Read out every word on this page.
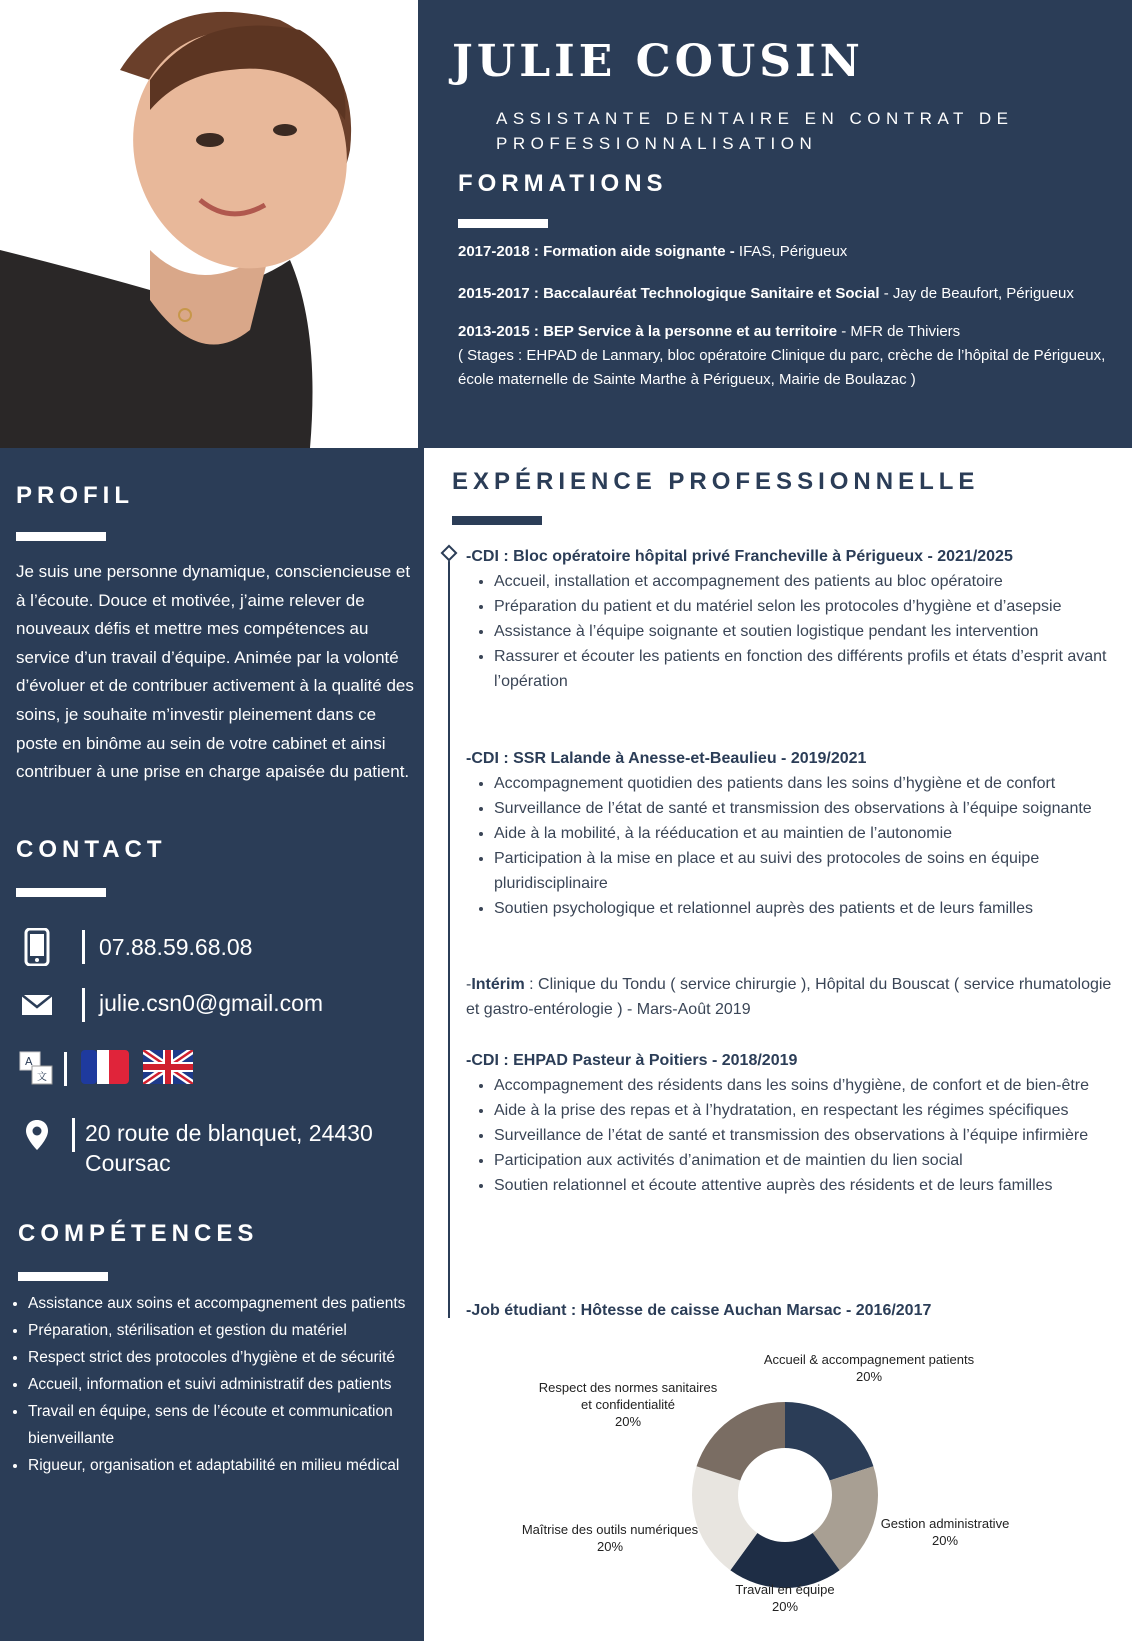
JULIE COUSIN

ASSISTANTE DENTAIRE EN CONTRAT DE PROFESSIONNALISATION

FORMATIONS
2017-2018 : Formation aide soignante - IFAS, Périgueux
2015-2017 : Baccalauréat Technologique Sanitaire et Social - Jay de Beaufort, Périgueux
2013-2015 : BEP Service à la personne et au territoire - MFR de Thiviers
( Stages : EHPAD de Lanmary, bloc opératoire Clinique du parc, crèche de l’hôpital de Périgueux, école maternelle de Sainte Marthe à Périgueux, Mairie de Boulazac )
PROFIL

Je suis une personne dynamique, consciencieuse et à l’écoute. Douce et motivée, j’aime relever de nouveaux défis et mettre mes compétences au service d’un travail d’équipe. Animée par la volonté d’évoluer et de contribuer activement à la qualité des soins, je souhaite m’investir pleinement dans ce poste en binôme au sein de votre cabinet et ainsi contribuer à une prise en charge apaisée du patient.

CONTACT
07.88.59.68.08
julie.csn0@gmail.com
A
文
20 route de blanquet, 24430
Coursac
COMPÉTENCES
• Assistance aux soins et accompagnement des patients
• Préparation, stérilisation et gestion du matériel
• Respect strict des protocoles d’hygiène et de sécurité
• Accueil, information et suivi administratif des patients
• Travail en équipe, sens de l’écoute et communication bienveillante
• Rigueur, organisation et adaptabilité en milieu médical
EXPÉRIENCE PROFESSIONNELLE
-CDI : Bloc opératoire hôpital privé Francheville à Périgueux - 2021/2025
• Accueil, installation et accompagnement des patients au bloc opératoire
• Préparation du patient et du matériel selon les protocoles d’hygiène et d’asepsie
• Assistance à l’équipe soignante et soutien logistique pendant les intervention
• Rassurer et écouter les patients en fonction des différents profils et états d’esprit avant l’opération
-CDI : SSR Lalande à Anesse-et-Beaulieu - 2019/2021
• Accompagnement quotidien des patients dans les soins d’hygiène et de confort
• Surveillance de l’état de santé et transmission des observations à l’équipe soignante
• Aide à la mobilité, à la rééducation et au maintien de l’autonomie
• Participation à la mise en place et au suivi des protocoles de soins en équipe pluridisciplinaire
• Soutien psychologique et relationnel auprès des patients et de leurs familles
-Intérim : Clinique du Tondu ( service chirurgie ), Hôpital du Bouscat ( service rhumatologie et gastro-entérologie ) - Mars-Août 2019
-CDI : EHPAD Pasteur à Poitiers - 2018/2019
• Accompagnement des résidents dans les soins d’hygiène, de confort et de bien-être
• Aide à la prise des repas et à l’hydratation, en respectant les régimes spécifiques
• Surveillance de l’état de santé et transmission des observations à l’équipe infirmière
• Participation aux activités d’animation et de maintien du lien social
• Soutien relationnel et écoute attentive auprès des résidents et de leurs familles
-Job étudiant : Hôtesse de caisse Auchan Marsac - 2016/2017
Accueil & accompagnement patients
20%
Gestion administrative
20%
Travail en équipe
20%
Maîtrise des outils numériques
20%
Respect des normes sanitaires
et confidentialité
20%
